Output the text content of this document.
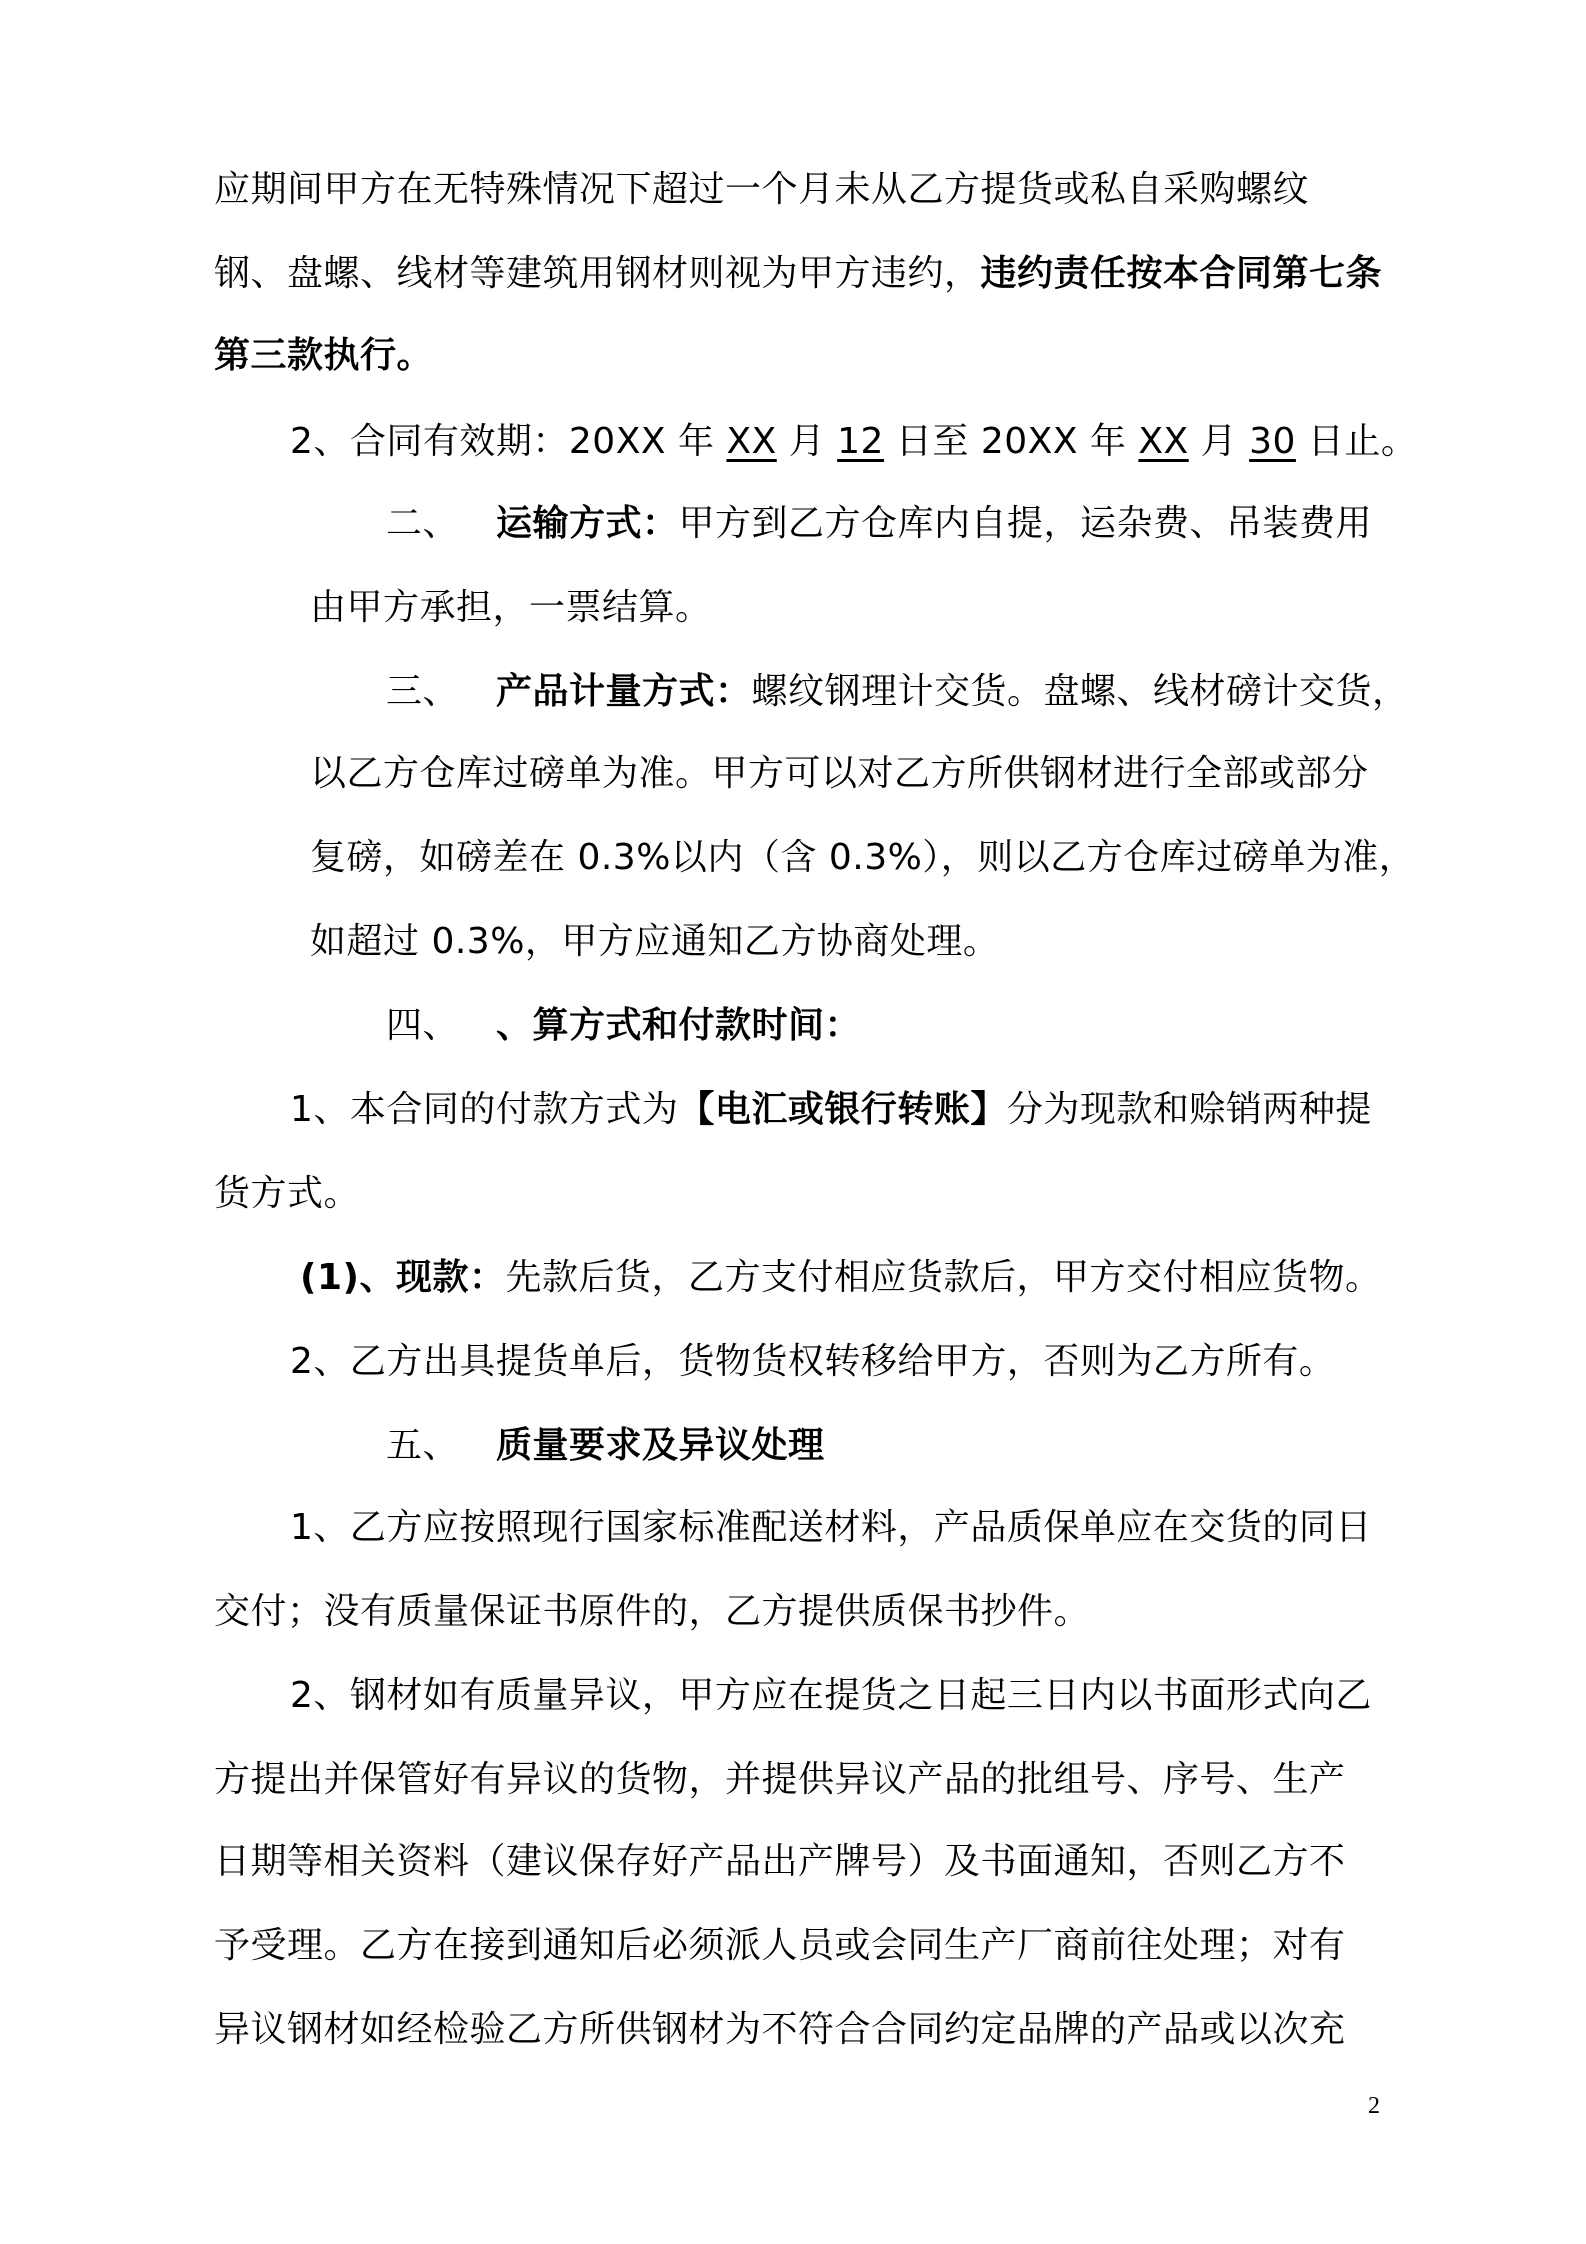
应期间甲方在无特殊情况下超过一个月未从乙方提货或私自采购螺纹
钢、盘螺、线材等建筑用钢材则视为甲方违约，违约责任按本合同第七条
第三款执行。
2、合同有效期：20XX 年 XX 月 12 日至 20XX 年 XX 月 30 日止。
二、 运输方式：甲方到乙方仓库内自提，运杂费、吊装费用
由甲方承担，一票结算。
三、 产品计量方式：螺纹钢理计交货。盘螺、线材磅计交货，
以乙方仓库过磅单为准。甲方可以对乙方所供钢材进行全部或部分
复磅，如磅差在 0.3%以内（含 0.3%），则以乙方仓库过磅单为准，
如超过 0.3%，甲方应通知乙方协商处理。
四、 、算方式和付款时间：
1、本合同的付款方式为【电汇或银行转账】分为现款和赊销两种提
货方式。
(1)、现款：先款后货，乙方支付相应货款后，甲方交付相应货物。
2、乙方出具提货单后，货物货权转移给甲方，否则为乙方所有。
五、 质量要求及异议处理
1、乙方应按照现行国家标准配送材料，产品质保单应在交货的同日
交付；没有质量保证书原件的，乙方提供质保书抄件。
2、钢材如有质量异议，甲方应在提货之日起三日内以书面形式向乙
方提出并保管好有异议的货物，并提供异议产品的批组号、序号、生产
日期等相关资料（建议保存好产品出产牌号）及书面通知，否则乙方不
予受理。乙方在接到通知后必须派人员或会同生产厂商前往处理；对有
异议钢材如经检验乙方所供钢材为不符合合同约定品牌的产品或以次充
2
